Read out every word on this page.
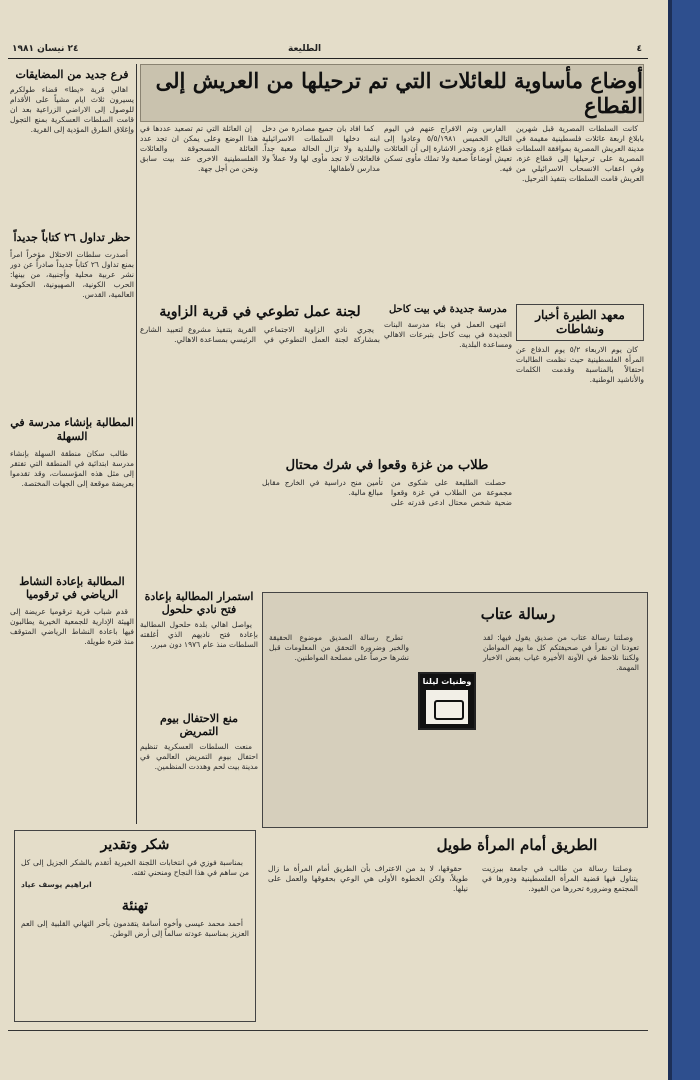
٢٤ نيسان ١٩٨١	الطليعة	٤
أوضاع مأساوية للعائلات التي تم ترحيلها من العريش إلى القطاع
كانت السلطات المصرية قبل شهرين بابلاغ اربعة عائلات فلسطينية مقيمة في مدينة العريش المصرية بموافقة السلطات المصرية على ترحيلها إلى قطاع غزة، وفي اعقاب الانسحاب الاسرائيلي من العريش قامت السلطات بتنفيذ الترحيل.
الفارس وتم الافراج عنهم في اليوم التالي الخميس ٥/٥/١٩٨١ وعادوا إلى قطاع غزة. وتجدر الاشارة إلى أن العائلات تعيش أوضاعاً صعبة ولا تملك مأوى تسكن فيه.
كما افاد بان جميع مصادرة من دخل ابنه دخلها السلطات الاسرائيلية والبلدية ولا تزال الحالة صعبة جداً. فالعائلات لا تجد مأوى لها ولا عملاً ولا مدارس لأطفالها.
إن العائلة التي تم تصعيد عددها في هذا الوضع وعلى يمكن ان تجد عدد العائلة المسحوقة والعائلات الفلسطينية الاخرى عند بيت سابق ونحن من أجل جهة.
فرع جديد من المضايقات
اهالي قرية «يطا» قضاء طولكرم يسيرون ثلاث ايام مشياً على الأقدام للوصول إلى الاراضي الزراعية بعد ان قامت السلطات العسكرية بمنع التجول وإغلاق الطرق المؤدية إلى القرية.
حظر تداول ٢٦ كتاباً جديداً
أصدرت سلطات الاحتلال مؤخراً امراً بمنع تداول ٢٦ كتاباً جديداً صادراً عن دور نشر عربية محلية وأجنبية، من بينها: الحرب الكونية، الصهيونية، الحكومة العالمية، القدس.
المطالبة بإنشاء مدرسة في السهلة
طالب سكان منطقة السهلة بإنشاء مدرسة ابتدائية في المنطقة التي تفتقر إلى مثل هذه المؤسسات، وقد تقدموا بعريضة موقعة إلى الجهات المختصة.
المطالبة بإعادة النشاط الرياضي في ترقوميا
قدم شباب قرية ترقوميا عريضة إلى الهيئة الإدارية للجمعية الخيرية يطالبون فيها باعادة النشاط الرياضي المتوقف منذ فترة طويلة.
معهد الطيرة أخبار ونشاطات
كان يوم الاربعاء ٥/٢ يوم الدفاع عن المرأة الفلسطينية حيث نظمت الطالبات احتفالاً بالمناسبة وقدمت الكلمات والأناشيد الوطنية.
مدرسة جديدة في بيت كاحل
انتهى العمل في بناء مدرسة البنات الجديدة في بيت كاحل بتبرعات الاهالي ومساعدة البلدية.
لجنة عمل تطوعي في قرية الزاوية
يجري نادي الزاوية الاجتماعي بمشاركة لجنة العمل التطوعي في القرية بتنفيذ مشروع لتعبيد الشارع الرئيسي بمساعدة الاهالي.
طلاب من غزة وقعوا في شرك محتال
حصلت الطليعة على شكوى من مجموعة من الطلاب في غزة وقعوا ضحية شخص محتال ادعى قدرته على تأمين منح دراسية في الخارج مقابل مبالغ مالية.
استمرار المطالبة بإعادة فتح نادي حلحول
يواصل اهالي بلدة حلحول المطالبة بإعادة فتح ناديهم الذي أغلقته السلطات منذ عام ١٩٧٦ دون مبرر.
منع الاحتفال بيوم التمريض
منعت السلطات العسكرية تنظيم احتفال بيوم التمريض العالمي في مدينة بيت لحم وهددت المنظمين.
رسالة عتاب
وصلتنا رسالة عتاب من صديق يقول فيها: لقد تعودنا ان نقرأ في صحيفتكم كل ما يهم المواطن ولكننا نلاحظ في الآونة الأخيرة غياب بعض الاخبار المهمة.
تطرح رسالة الصديق موضوع الحقيقة والخبر وضرورة التحقق من المعلومات قبل نشرها حرصاً على مصلحة المواطنين.
وطنيات ليلنا
الطريق أمام المرأة طويل
وصلتنا رسالة من طالب في جامعة بيرزيت يتناول فيها قضية المرأة الفلسطينية ودورها في المجتمع وضرورة تحررها من القيود.
حقوقها، لا بد من الاعتراف بأن الطريق أمام المرأة ما زال طويلاً، ولكن الخطوة الأولى هي الوعي بحقوقها والعمل على نيلها.
شكر وتقدير
بمناسبة فوزي في انتخابات اللجنة الخيرية أتقدم بالشكر الجزيل إلى كل من ساهم في هذا النجاح ومنحني ثقته.
ابراهيم يوسف عياد
تهنئة
أحمد محمد عيسى وأخوه أسامة يتقدمون بأحر التهاني القلبية إلى العم العزيز بمناسبة عودته سالماً إلى أرض الوطن.
